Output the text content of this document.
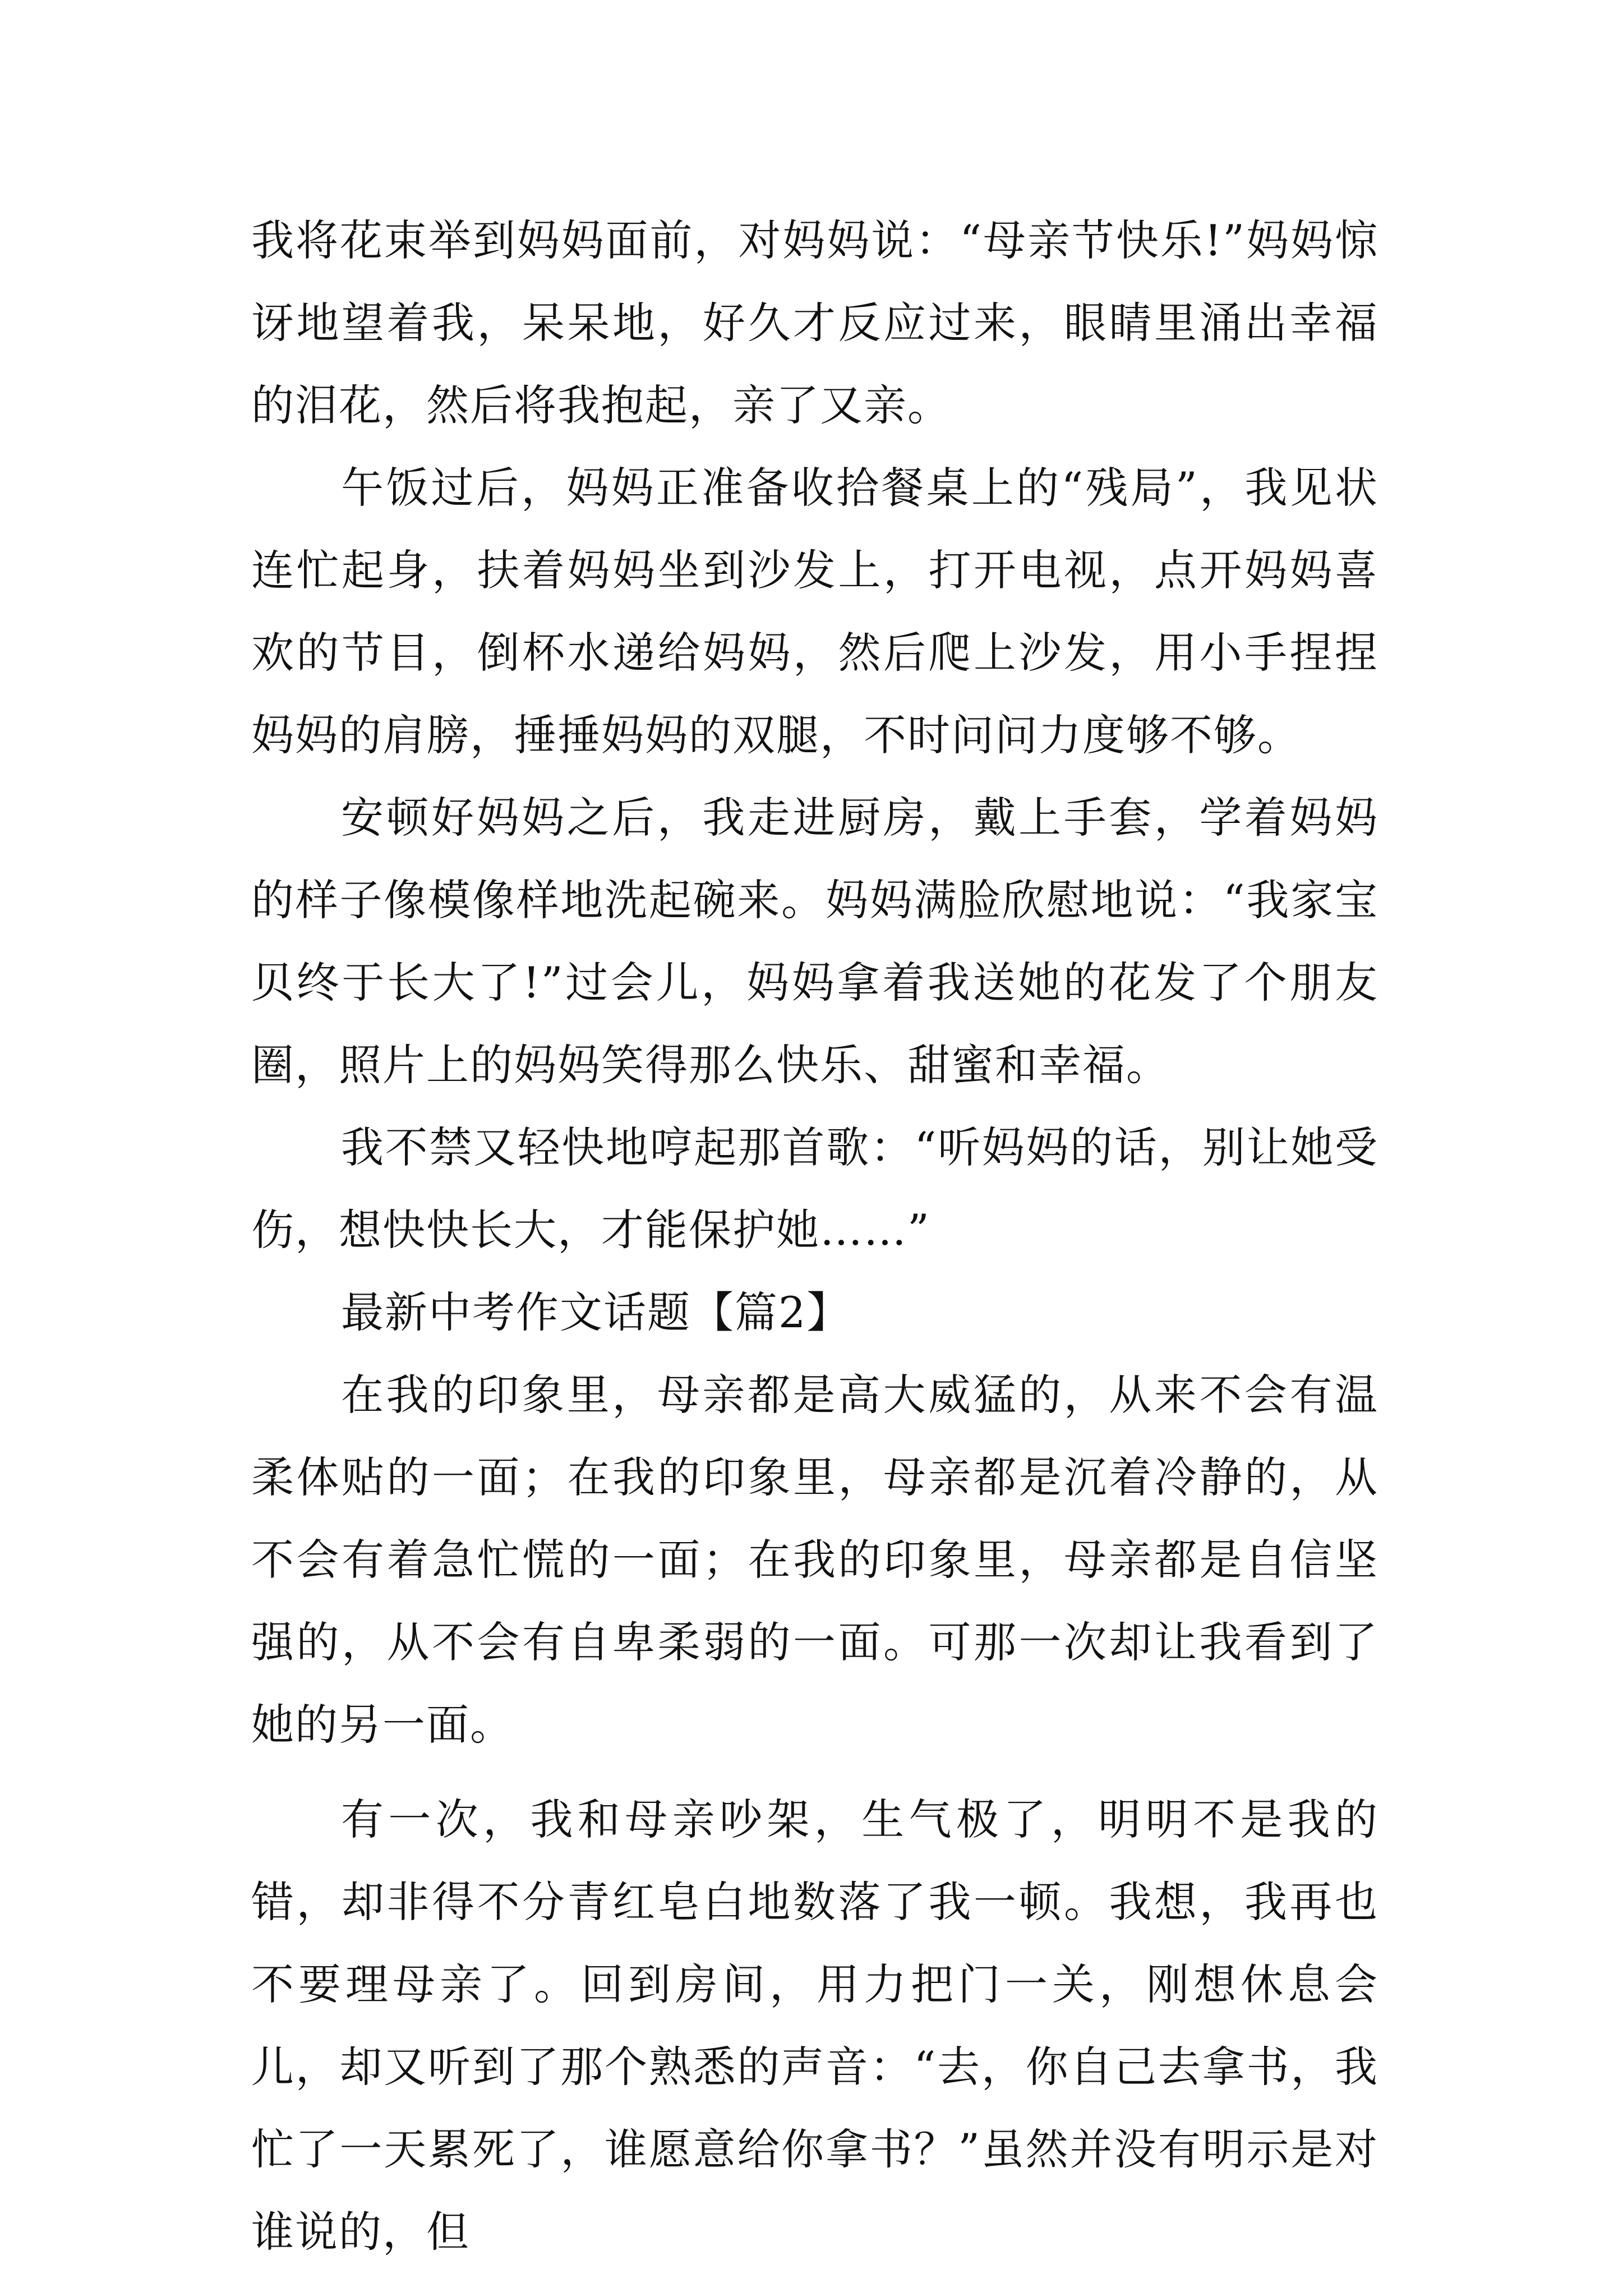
我将花束举到妈妈面前，对妈妈说：“母亲节快乐!”妈妈惊讶地望着我，呆呆地，好久才反应过来，眼睛里涌出幸福的泪花，然后将我抱起，亲了又亲。

午饭过后，妈妈正准备收拾餐桌上的“残局”，我见状连忙起身，扶着妈妈坐到沙发上，打开电视，点开妈妈喜欢的节目，倒杯水递给妈妈，然后爬上沙发，用小手捏捏妈妈的肩膀，捶捶妈妈的双腿，不时问问力度够不够。

安顿好妈妈之后，我走进厨房，戴上手套，学着妈妈的样子像模像样地洗起碗来。妈妈满脸欣慰地说：“我家宝贝终于长大了!”过会儿，妈妈拿着我送她的花发了个朋友圈，照片上的妈妈笑得那么快乐、甜蜜和幸福。

我不禁又轻快地哼起那首歌：“听妈妈的话，别让她受伤，想快快长大，才能保护她……”

最新中考作文话题【篇2】

在我的印象里，母亲都是高大威猛的，从来不会有温柔体贴的一面；在我的印象里，母亲都是沉着冷静的，从不会有着急忙慌的一面；在我的印象里，母亲都是自信坚强的，从不会有自卑柔弱的一面。可那一次却让我看到了她的另一面。

有一次，我和母亲吵架，生气极了，明明不是我的错，却非得不分青红皂白地数落了我一顿。我想，我再也不要理母亲了。回到房间，用力把门一关，刚想休息会儿，却又听到了那个熟悉的声音：“去，你自己去拿书，我忙了一天累死了，谁愿意给你拿书？”虽然并没有明示是对谁说的，但
